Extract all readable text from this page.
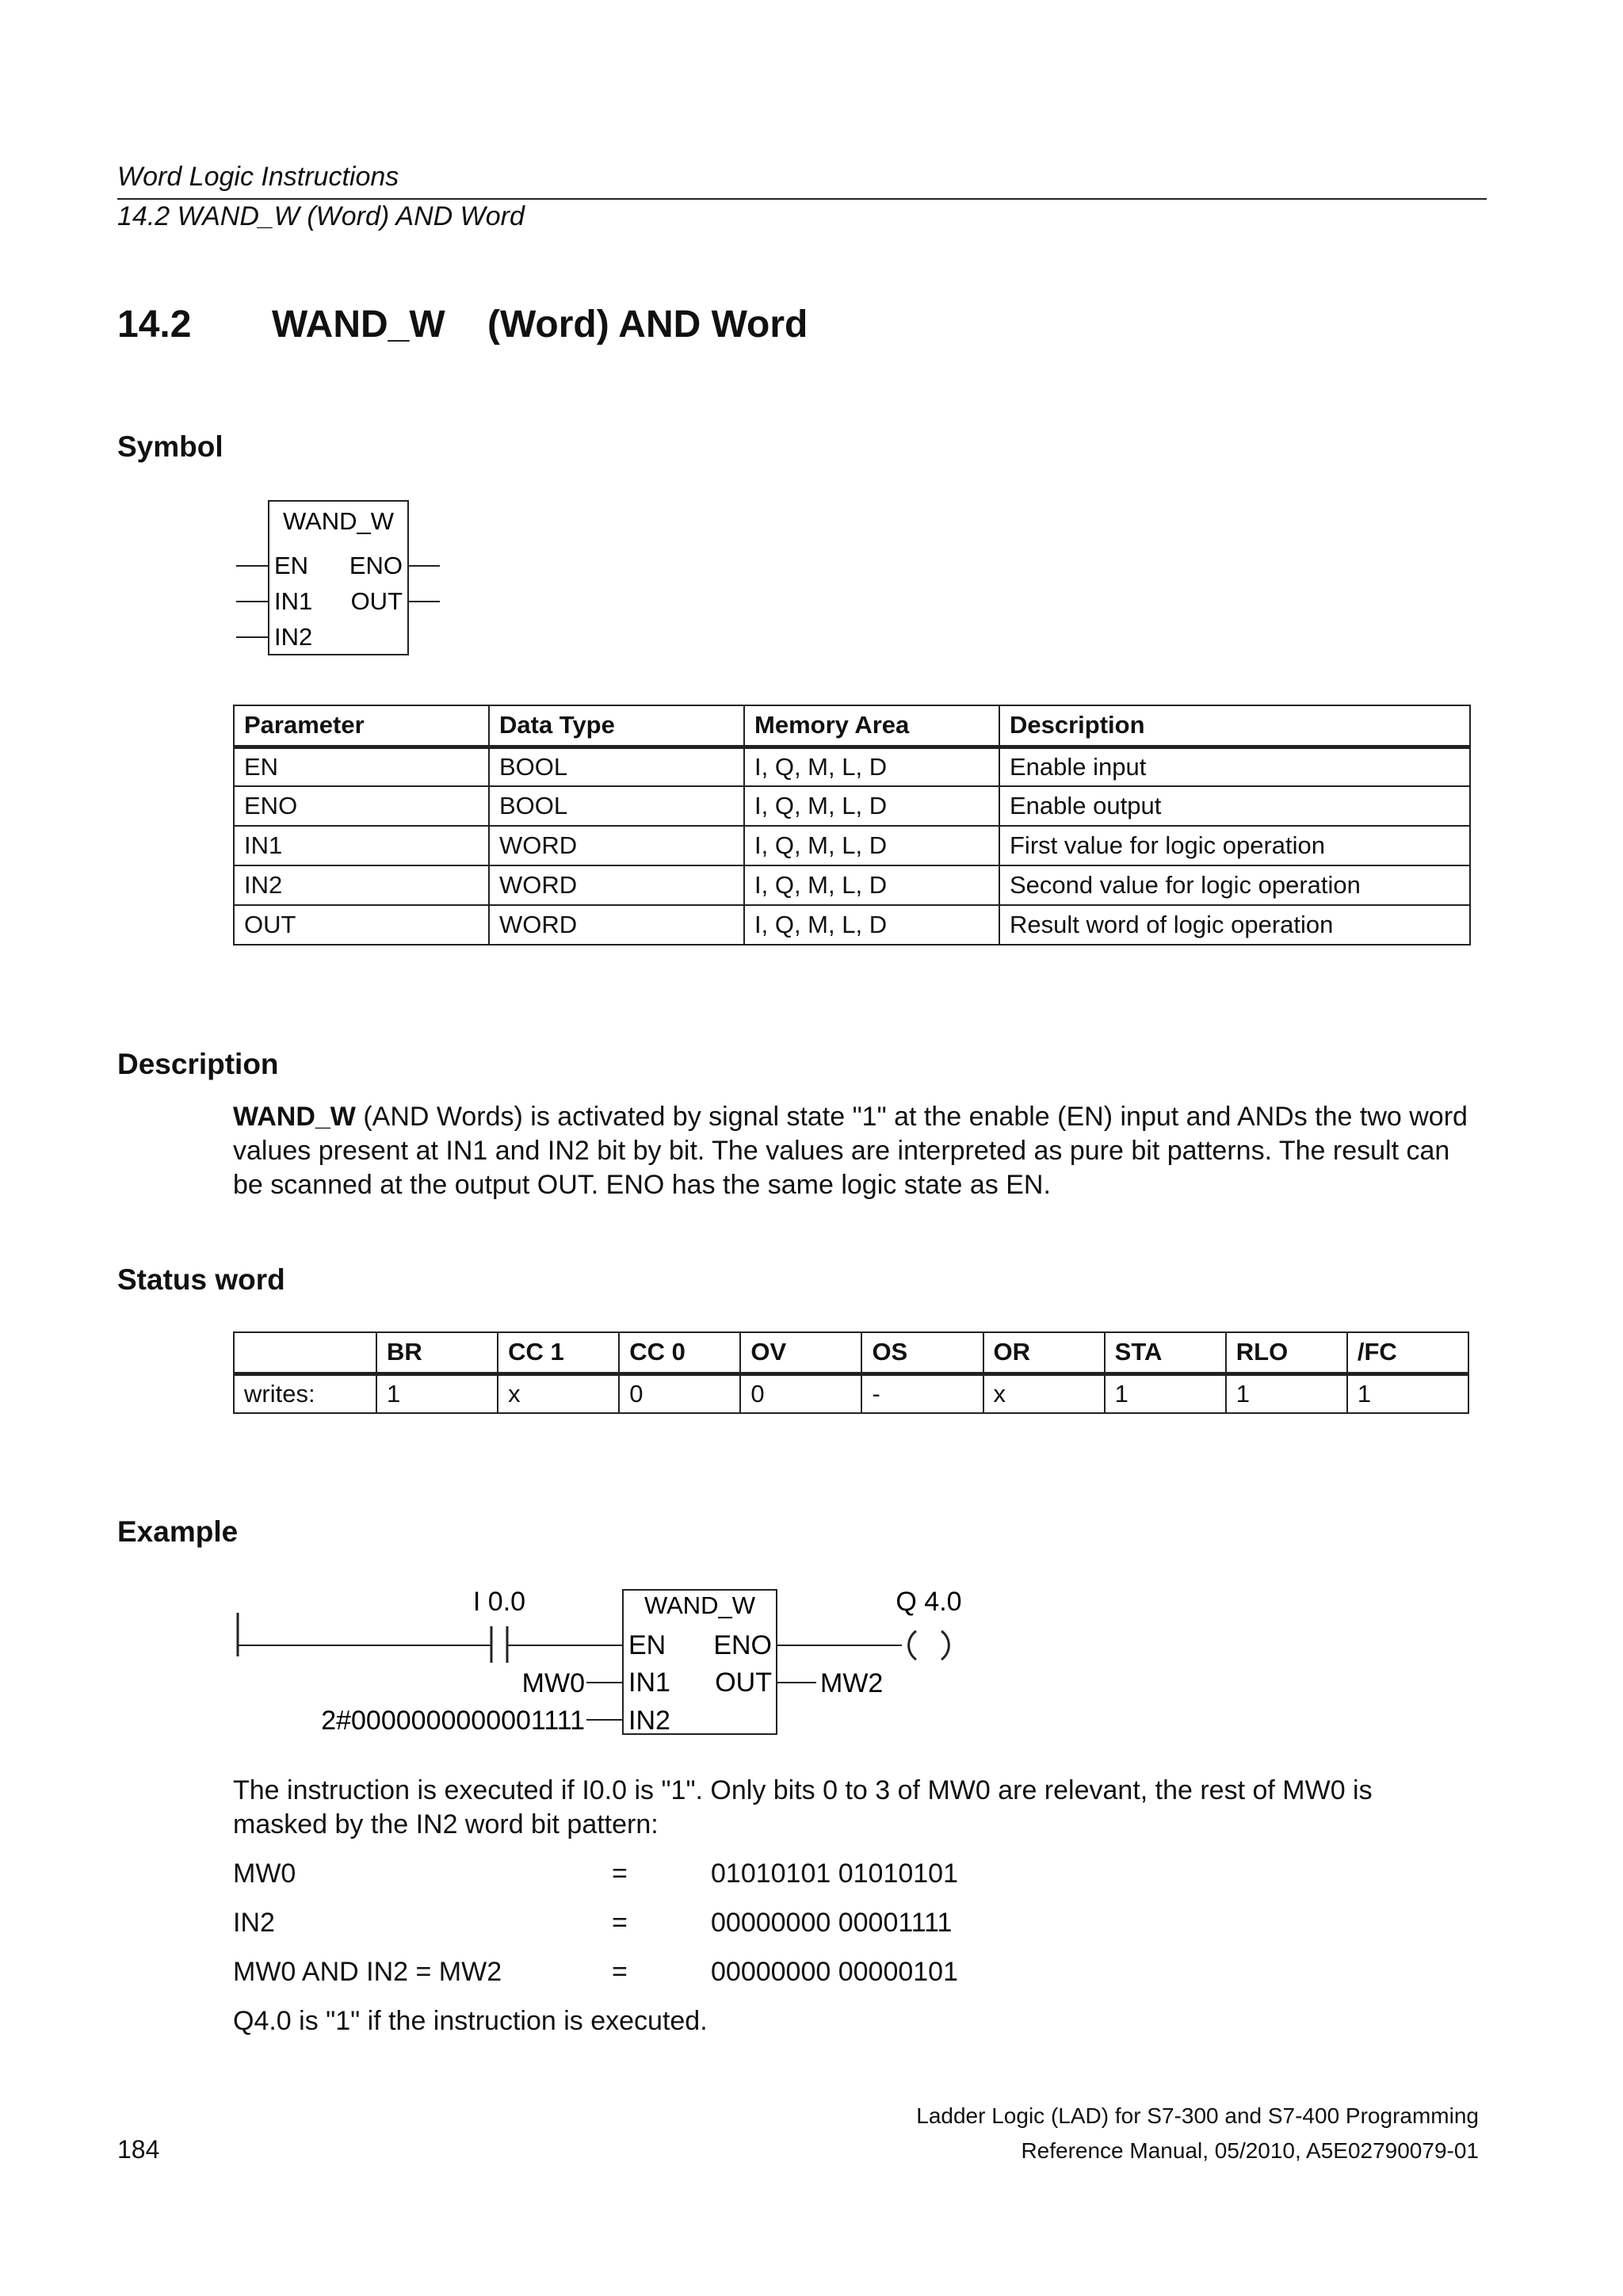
Word Logic Instructions
14.2 WAND_W (Word) AND Word
14.2 WAND_W    (Word) AND Word
Symbol
WAND_W
EN
IN1
IN2
ENO
OUT
Parameter	Data Type	Memory Area	Description
EN	BOOL	I, Q, M, L, D	Enable input
ENO	BOOL	I, Q, M, L, D	Enable output
IN1	WORD	I, Q, M, L, D	First value for logic operation
IN2	WORD	I, Q, M, L, D	Second value for logic operation
OUT	WORD	I, Q, M, L, D	Result word of logic operation
Description
WAND_W (AND Words) is activated by signal state "1" at the enable (EN) input and ANDs the two word values present at IN1 and IN2 bit by bit. The values are interpreted as pure bit patterns. The result can be scanned at the output OUT. ENO has the same logic state as EN.
Status word
	BR	CC 1	CC 0	OV	OS	OR	STA	RLO	/FC
writes:	1	x	0	0	-	x	1	1	1
Example
I 0.0	WAND_W
EN
IN1
IN2
ENO
OUT
MW0
2#0000000000001111
Q 4.0
MW2
The instruction is executed if I0.0 is "1". Only bits 0 to 3 of MW0 are relevant, the rest of MW0 is masked by the IN2 word bit pattern:
MW0	=	01010101 01010101
IN2	=	00000000 00001111
MW0 AND IN2 = MW2	=	00000000 00000101
Q4.0 is "1" if the instruction is executed.
Ladder Logic (LAD) for S7-300 and S7-400 Programming
Reference Manual, 05/2010, A5E02790079-01
184
